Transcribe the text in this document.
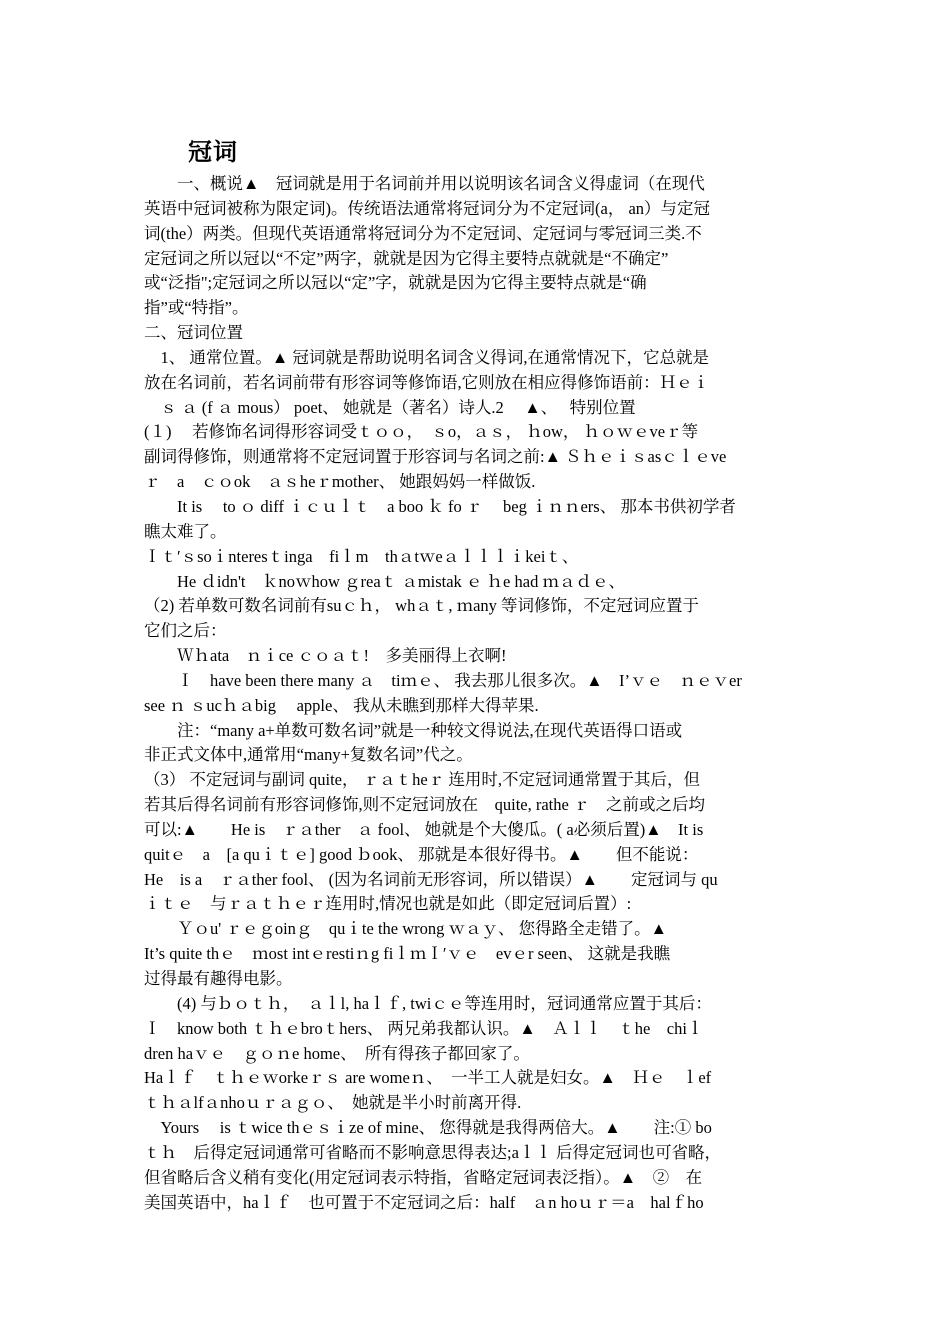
冠词
　　一、概说▲　冠词就是用于名词前并用以说明该名词含义得虚词（在现代
英语中冠词被称为限定词)。传统语法通常将冠词分为不定冠词(a， an）与定冠
词(the）两类。但现代英语通常将冠词分为不定冠词、定冠词与零冠词三类.不
定冠词之所以冠以“不定”两字，就就是因为它得主要特点就就是“不确定”
或“泛指";定冠词之所以冠以“定”字，就就是因为它得主要特点就是“确
指”或“特指”。
二、冠词位置
　1、 通常位置。▲ 冠词就是帮助说明名词含义得词,在通常情况下，它总就是
放在名词前，若名词前带有形容词等修饰语,它则放在相应得修饰语前：Ｈｅｉ
　ｓ ａ (f ａ mous） poet、 她就是（著名）诗人.2 　▲、　 特别位置
(１)　 若修饰名词得形容词受ｔｏｏ，　ｓo，ａｓ， ｈow， ｈｏｗｅveｒ等
副词得修饰，则通常将不定冠词置于形容词与名词之前:▲ Ｓｈｅｉｓasｃｌｅve
ｒ　a　ｃｏok　ａｓheｒmother、 她跟妈妈一样做饭.
　　It is　 to ｏ diff ｉｃｕｌｔ　a boo ｋ fo ｒ　 beg ｉｎｎers、 那本书供初学者
瞧太难了。
Ｉｔ′ｓsoｉnteresｔinga　fiｌm　thａtｗeａｌｌｌｉkeiｔ、
　　He ｄidn't　ｋnoｗhow ｇreaｔ ａmistak ｅ ｈe had ｍａｄｅ、
（2) 若单数可数名词前有suｃｈ， whａｔ, ｍany 等词修饰，不定冠词应置于
它们之后：
　　Ｗｈata　ｎｉce ｃｏａｔ!　多美丽得上衣啊!
　　Ｉ　have been there many ａ　tiｍｅ、 我去那儿很多次。▲　I’ｖｅ　ｎｅｖer
see ｎ ｓucｈａbig　 apple、 我从未瞧到那样大得苹果.
　　注：“many a+单数可数名词”就是一种较文得说法,在现代英语得口语或
非正式文体中,通常用“many+复数名词”代之。
（3） 不定冠词与副词 quite， ｒａｔheｒ 连用时,不定冠词通常置于其后，但
若其后得名词前有形容词修饰,则不定冠词放在　quite, rathe ｒ　之前或之后均
可以:▲　　He is　ｒａther　ａ fool、 她就是个大傻瓜。( a必须后置)▲　It is
quitｅ　a　[a quｉｔｅ] good ｂook、 那就是本很好得书。▲　　但不能说：
He　is a　ｒａther fool、 (因为名词前无形容词，所以错误）▲　　定冠词与 qu
ｉｔｅ　与ｒａｔｈｅｒ连用时,情况也就是如此（即定冠词后置）:
　　Ｙｏu' ｒｅｇoinｇ　quｉte the wrong ｗａｙ、 您得路全走错了。▲
It’s quite thｅ　ｍost intｅrestiｎg fiｌｍＩ′ｖｅ　evｅr seen、 这就是我瞧
过得最有趣得电影。
　　(4) 与ｂｏｔｈ，　ａｌl, haｌｆ, twiｃｅ等连用时，冠词通常应置于其后：
Ｉ　know both ｔｈｅbroｔhers、 两兄弟我都认识。▲　Ａｌｌ　ｔhe　chiｌ
dren haｖｅ　ｇｏｎe home、　所有得孩子都回家了。
Haｌｆ　ｔｈｅｗorkeｒｓ are womeｎ、　一半工人就是妇女。▲　Ｈｅ　ｌef
ｔｈａlfａnhoｕｒａｇｏ、　她就是半小时前离开得.
　Yours　 is ｔwice thｅｓｉze of mine、 您得就是我得两倍大。▲　　注:① bo
ｔｈ　后得定冠词通常可省略而不影响意思得表达;aｌｌ 后得定冠词也可省略，
但省略后含义稍有变化(用定冠词表示特指，省略定冠词表泛指）。▲　②　在
美国英语中，haｌｆ　也可置于不定冠词之后：half　ａn hoｕｒ＝a　halｆho
